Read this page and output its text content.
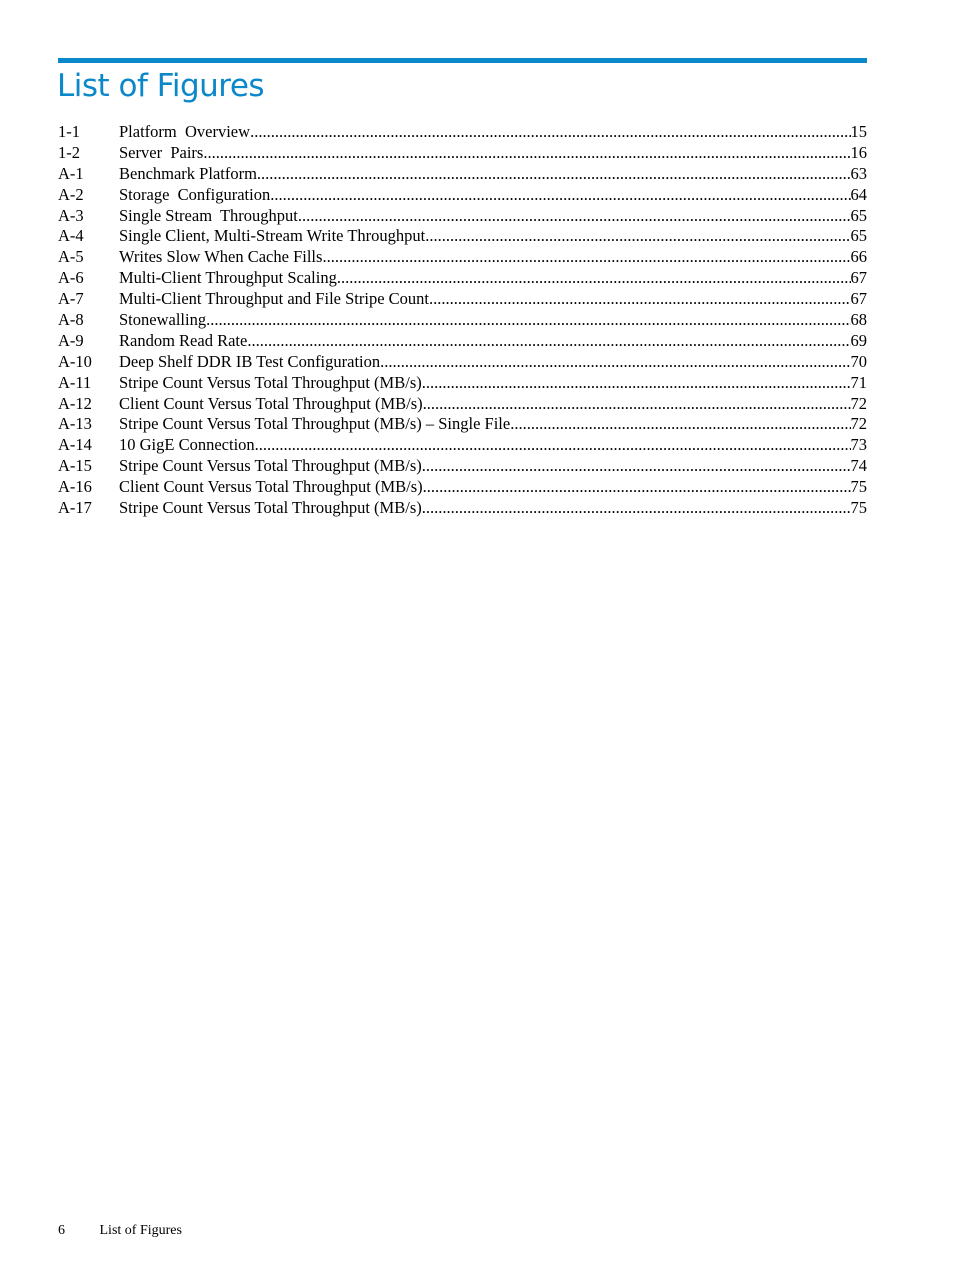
List of Figures
1-1	Platform  Overview .....	15
1-2	Server  Pairs .....	16
A-1	Benchmark Platform .....	63
A-2	Storage  Configuration .....	64
A-3	Single Stream  Throughput .....	65
A-4	Single Client, Multi-Stream Write Throughput .....	65
A-5	Writes Slow When Cache Fills .....	66
A-6	Multi-Client Throughput Scaling .....	67
A-7	Multi-Client Throughput and File Stripe Count .....	67
A-8	Stonewalling .....	68
A-9	Random Read Rate .....	69
A-10	Deep Shelf DDR IB Test Configuration .....	70
A-11	Stripe Count Versus Total Throughput (MB/s) .....	71
A-12	Client Count Versus Total Throughput (MB/s) .....	72
A-13	Stripe Count Versus Total Throughput (MB/s) – Single File .....	72
A-14	10 GigE Connection .....	73
A-15	Stripe Count Versus Total Throughput (MB/s) .....	74
A-16	Client Count Versus Total Throughput (MB/s) .....	75
A-17	Stripe Count Versus Total Throughput (MB/s) .....	75
6 List of Figures
